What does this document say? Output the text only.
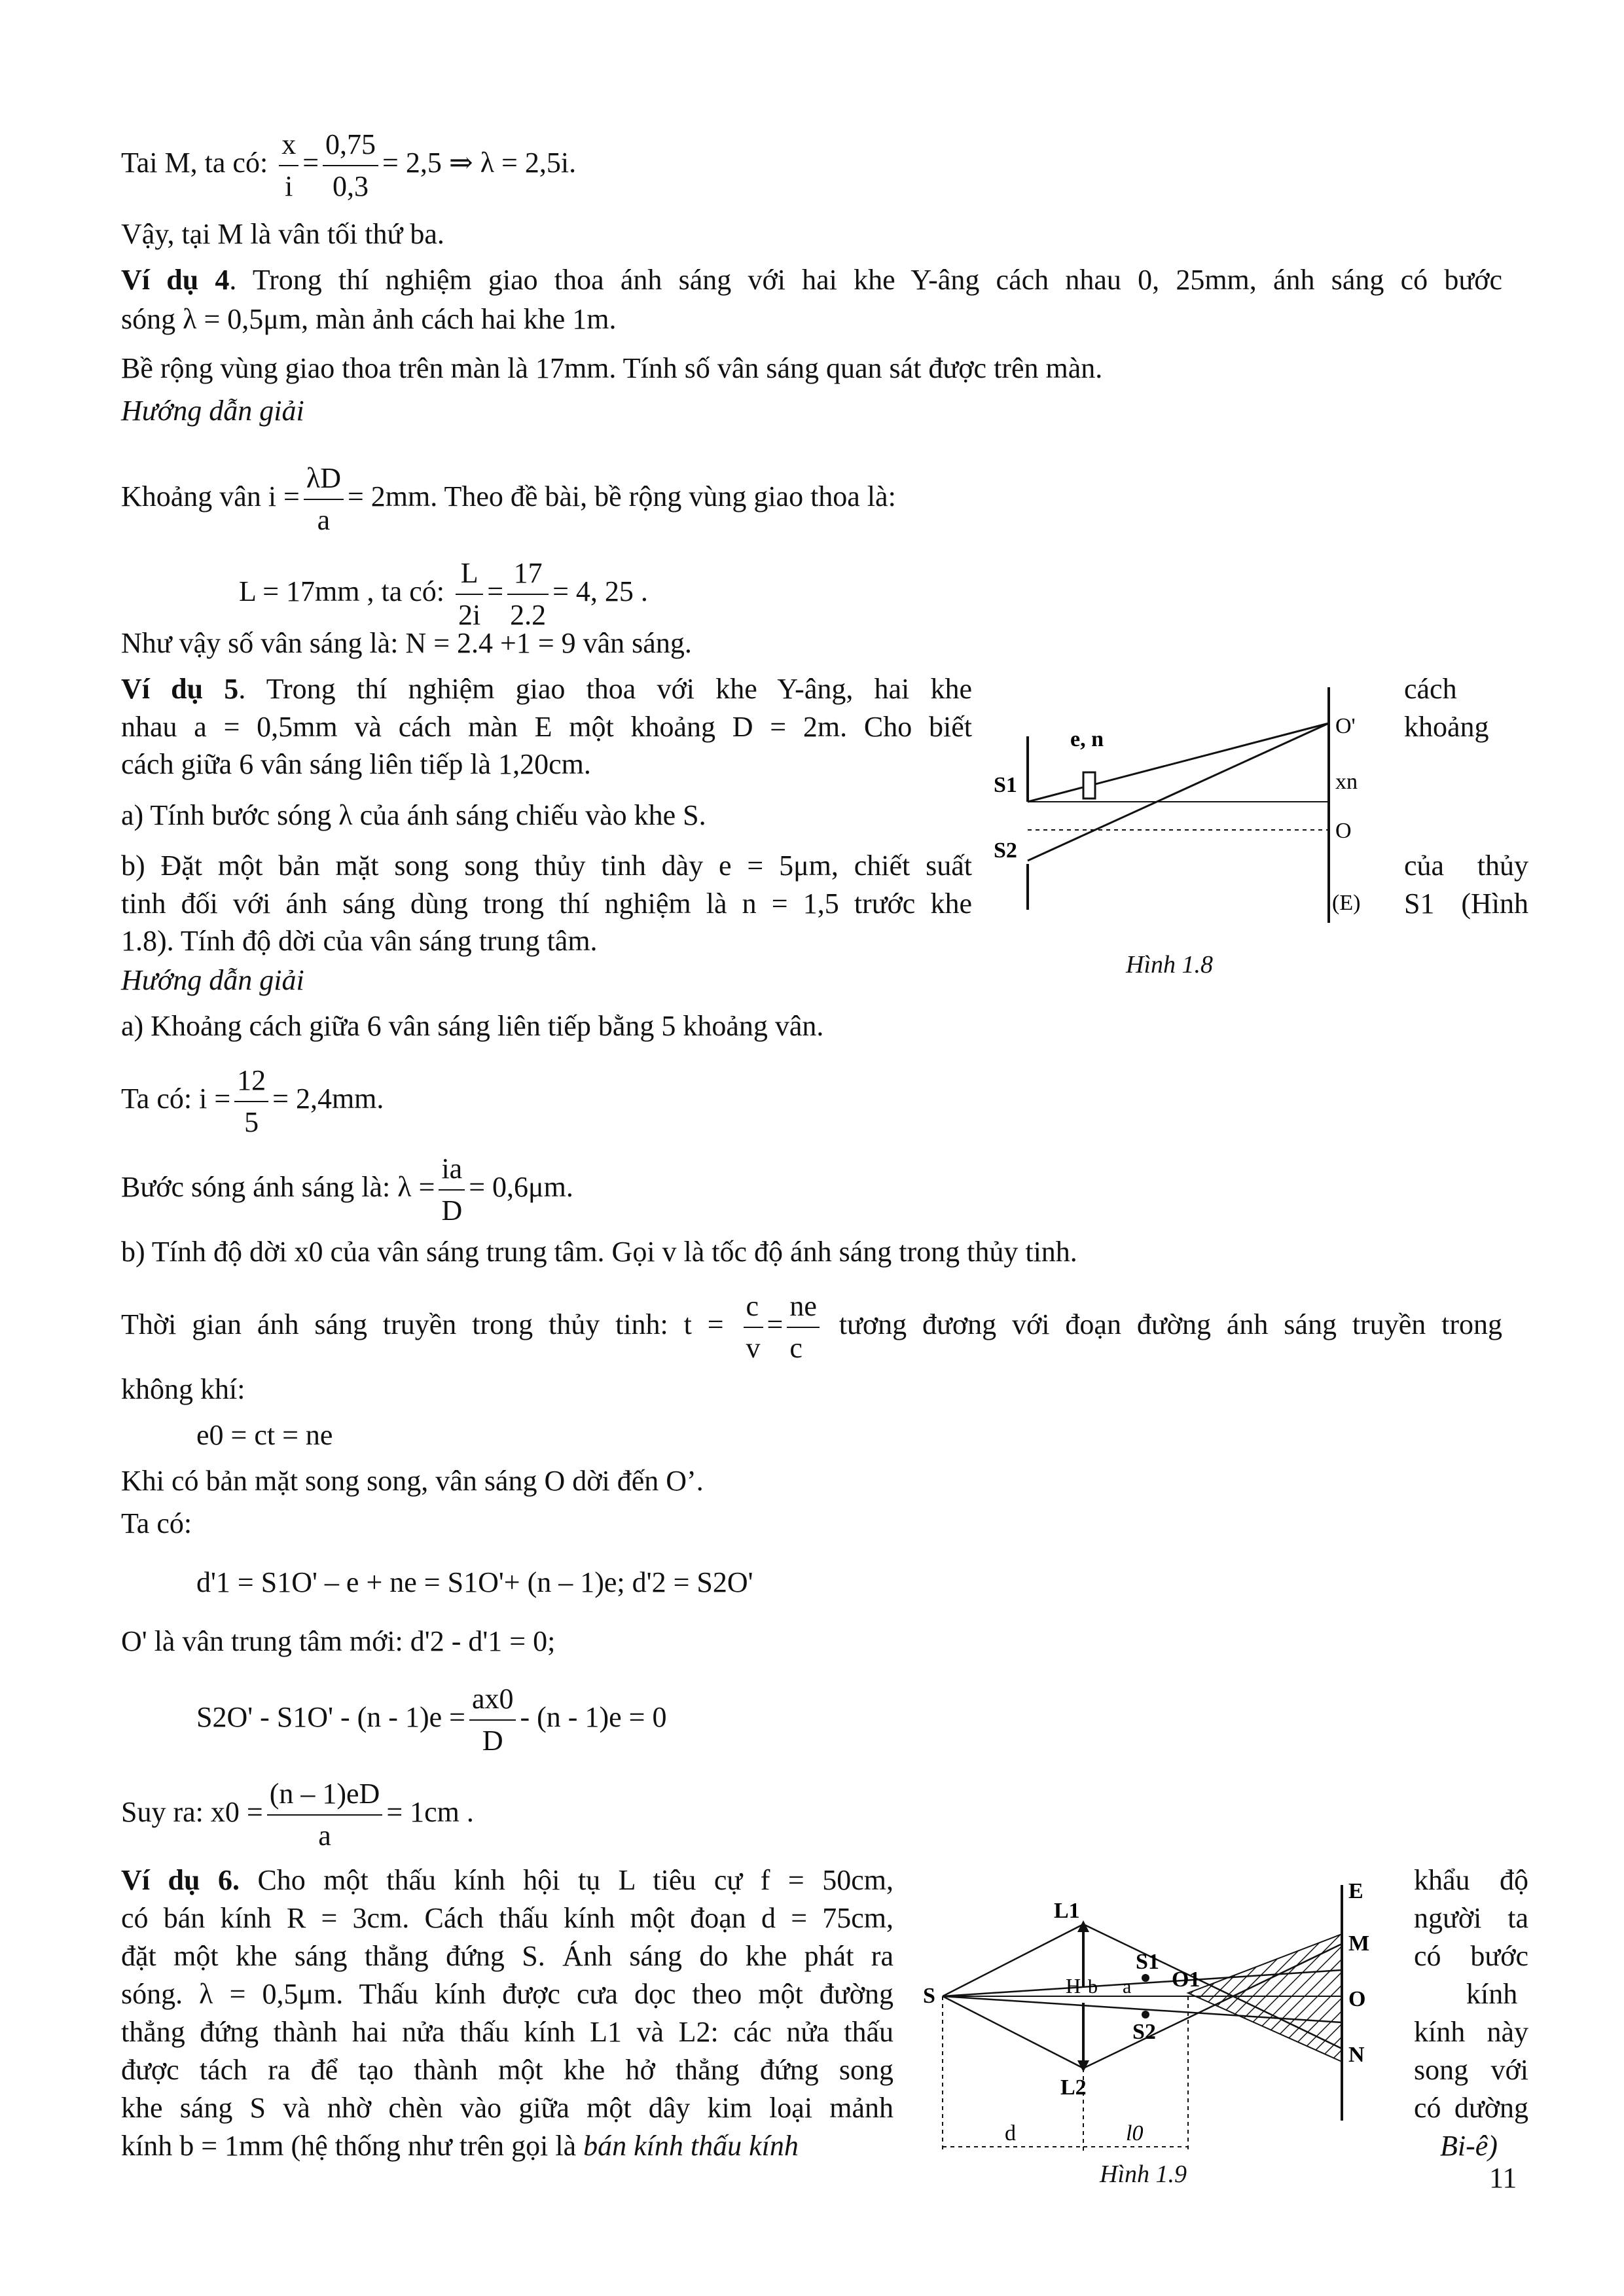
Tai M, ta có: $\frac{x}{i} = \frac{0,75}{0,3} = 2,5$ ⇒ λ = 2,5i.
Vậy, tại M là vân tối thứ ba.
Ví dụ 4. Trong thí nghiệm giao thoa ánh sáng với hai khe Y-âng cách nhau 0, 25mm, ánh sáng có bước
sóng λ = 0,5μm, màn ảnh cách hai khe 1m.
Bề rộng vùng giao thoa trên màn là 17mm. Tính số vân sáng quan sát được trên màn.
Hướng dẫn giải
Khoảng vân $i = \frac{\lambda D}{a} = 2mm$. Theo đề bài, bề rộng vùng giao thoa là:
L = 17mm , ta có: $\frac{L}{2i} = \frac{17}{2.2} = 4$, 25 .
Như vậy số vân sáng là: N = 2.4 +1 = 9 vân sáng.
Ví dụ 5. Trong thí nghiệm giao thoa với khe Y-âng, hai khe	cách
nhau a = 0,5mm và cách màn E một khoảng D = 2m. Cho biết	khoảng
cách giữa 6 vân sáng liên tiếp là 1,20cm.
a) Tính bước sóng λ của ánh sáng chiếu vào khe S.
b) Đặt một bản mặt song song thủy tinh dày e = 5μm, chiết suất	của thủy
tinh đối với ánh sáng dùng trong thí nghiệm là n = 1,5 trước khe	S1 (Hình
1.8). Tính độ dời của vân sáng trung tâm.
Hướng dẫn giải
e, n
S1
S2
O'
xn
O
(E)
Hình 1.8
a) Khoảng cách giữa 6 vân sáng liên tiếp bằng 5 khoảng vân.
Ta có: $i = \frac{12}{5} = 2,4mm$.
Bước sóng ánh sáng là: $\lambda = \frac{ia}{D} = 0,6\mu m$.
b) Tính độ dời x0 của vân sáng trung tâm. Gọi v là tốc độ ánh sáng trong thủy tinh.
Thời gian ánh sáng truyền trong thủy tinh: $t = \frac{c}{v} = \frac{ne}{c}$ tương đương với đoạn đường ánh sáng truyền trong
không khí:
e0 = ct = ne
Khi có bản mặt song song, vân sáng O dời đến O’.
Ta có:
d'1 = S1O' – e + ne = S1O'+ (n – 1)e; d'2 = S2O'
O' là vân trung tâm mới: d'2 - d'1 = 0;
$S2O' - S1O' - (n - 1)e = \frac{ax0}{D} - (n - 1)e = 0$
Suy ra: $x0 = \frac{(n - 1)eD}{a} = 1cm$ .
Ví dụ 6. Cho một thấu kính hội tụ L tiêu cự f = 50cm,	khẩu độ
có bán kính R = 3cm. Cách thấu kính một đoạn d = 75cm,	người ta
đặt một khe sáng thẳng đứng S. Ánh sáng do khe phát ra	có bước
sóng. λ = 0,5μm. Thấu kính được cưa dọc theo một đường	kính
thẳng đứng thành hai nửa thấu kính L1 và L2: các nửa thấu	kính này
được tách ra để tạo thành một khe hở thẳng đứng song	song với
khe sáng S và nhờ chèn vào giữa một dây kim loại mảnh	có dường
kính b = 1mm (hệ thống như trên gọi là bán kính thấu kính	Bi-ê)
L1
L2
S1
S2
O1
H b a
S
E
M
O
N
d	l0
Hình 1.9	11
